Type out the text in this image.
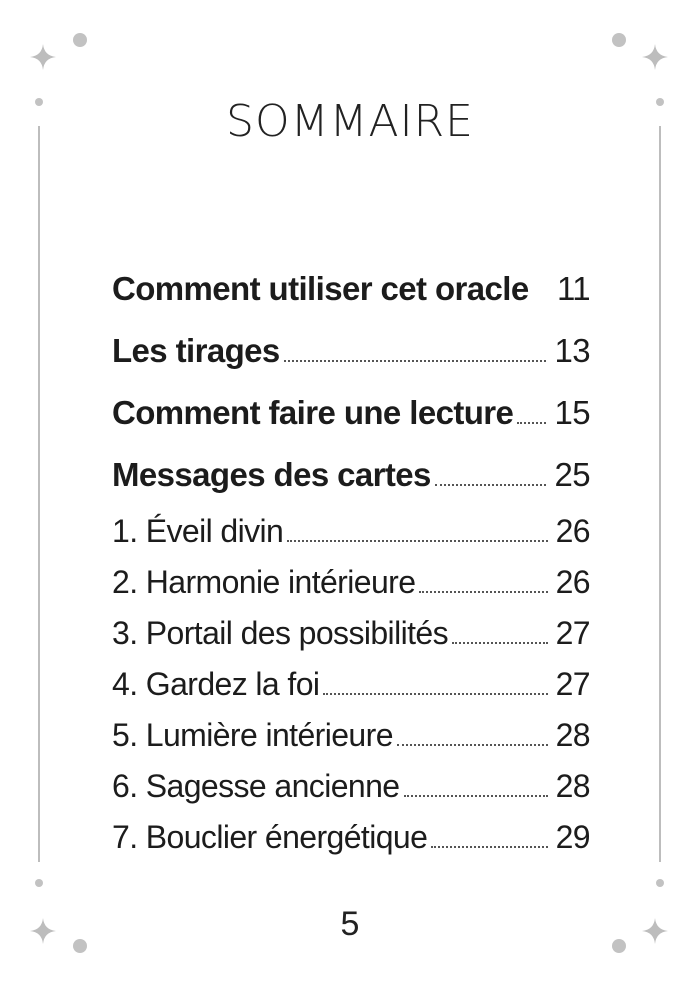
SOMMAIRE
Comment utiliser cet oracle 11
Les tirages	13
Comment faire une lecture 15
Messages des cartes	25
1. Éveil divin	26
2. Harmonie intérieure	26
3. Portail des possibilités	27
4. Gardez la foi	27
5. Lumière intérieure	28
6. Sagesse ancienne	28
7. Bouclier énergétique	29
5
